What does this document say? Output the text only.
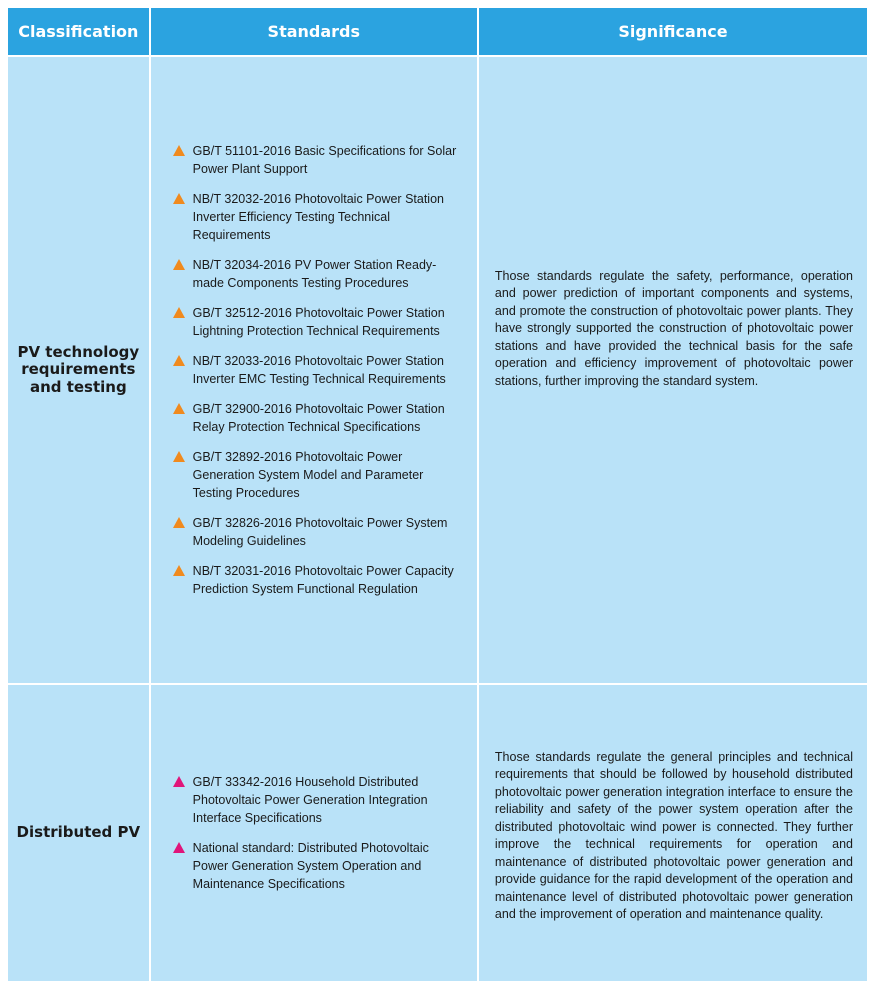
Classification	Standards	Significance
PV technology requirements and testing
GB/T 51101-2016 Basic Specifications for Solar Power Plant Support
NB/T 32032-2016 Photovoltaic Power Station Inverter Efficiency Testing Technical Requirements
NB/T 32034-2016 PV Power Station Ready-made Components Testing Procedures
GB/T 32512-2016 Photovoltaic Power Station Lightning Protection Technical Requirements
NB/T 32033-2016 Photovoltaic Power Station Inverter EMC Testing Technical Requirements
GB/T 32900-2016 Photovoltaic Power Station Relay Protection Technical Specifications
GB/T 32892-2016 Photovoltaic Power Generation System Model and Parameter Testing Procedures
GB/T 32826-2016 Photovoltaic Power System Modeling Guidelines
NB/T 32031-2016 Photovoltaic Power Capacity Prediction System Functional Regulation
Those standards regulate the safety, performance, operation and power prediction of important components and systems, and promote the construction of photovoltaic power plants. They have strongly supported the construction of photovoltaic power stations and have provided the technical basis for the safe operation and efficiency improvement of photovoltaic power stations, further improving the standard system.
Distributed PV
GB/T 33342-2016 Household Distributed Photovoltaic Power Generation Integration Interface Specifications
National standard: Distributed Photovoltaic Power Generation System Operation and Maintenance Specifications
Those standards regulate the general principles and technical requirements that should be followed by household distributed photovoltaic power generation integration interface to ensure the reliability and safety of the power system operation after the distributed photovoltaic wind power is connected. They further improve the technical requirements for operation and maintenance of distributed photovoltaic power generation and provide guidance for the rapid development of the operation and maintenance level of distributed photovoltaic power generation and the improvement of operation and maintenance quality.
